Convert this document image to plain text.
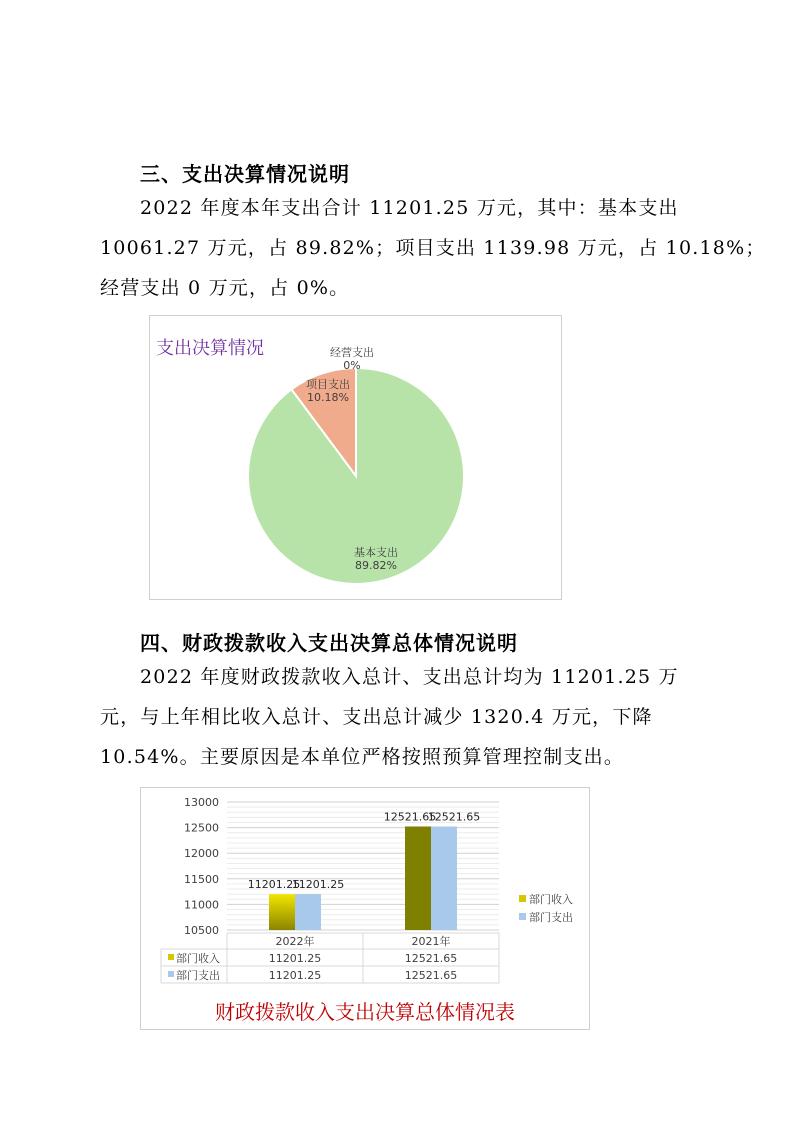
三、支出决算情况说明
2022 年度本年支出合计 11201.25 万元，其中：基本支出
10061.27 万元，占 89.82%；项目支出 1139.98 万元，占 10.18%；
经营支出 0 万元，占 0%。
支出决算情况	经营支出
0%
项目支出
10.18%
基本支出
89.82%
四、财政拨款收入支出决算总体情况说明
2022 年度财政拨款收入总计、支出总计均为 11201.25 万
元，与上年相比收入总计、支出总计减少 1320.4 万元，下降
10.54%。主要原因是本单位严格按照预算管理控制支出。
13000
12500
12000
11500
11000
10500
11201.25
11201.25
12521.65
12521.65
2022年	2021年
部门收入	11201.25	12521.65
部门支出	11201.25	12521.65
部门收入
部门支出
财政拨款收入支出决算总体情况表
